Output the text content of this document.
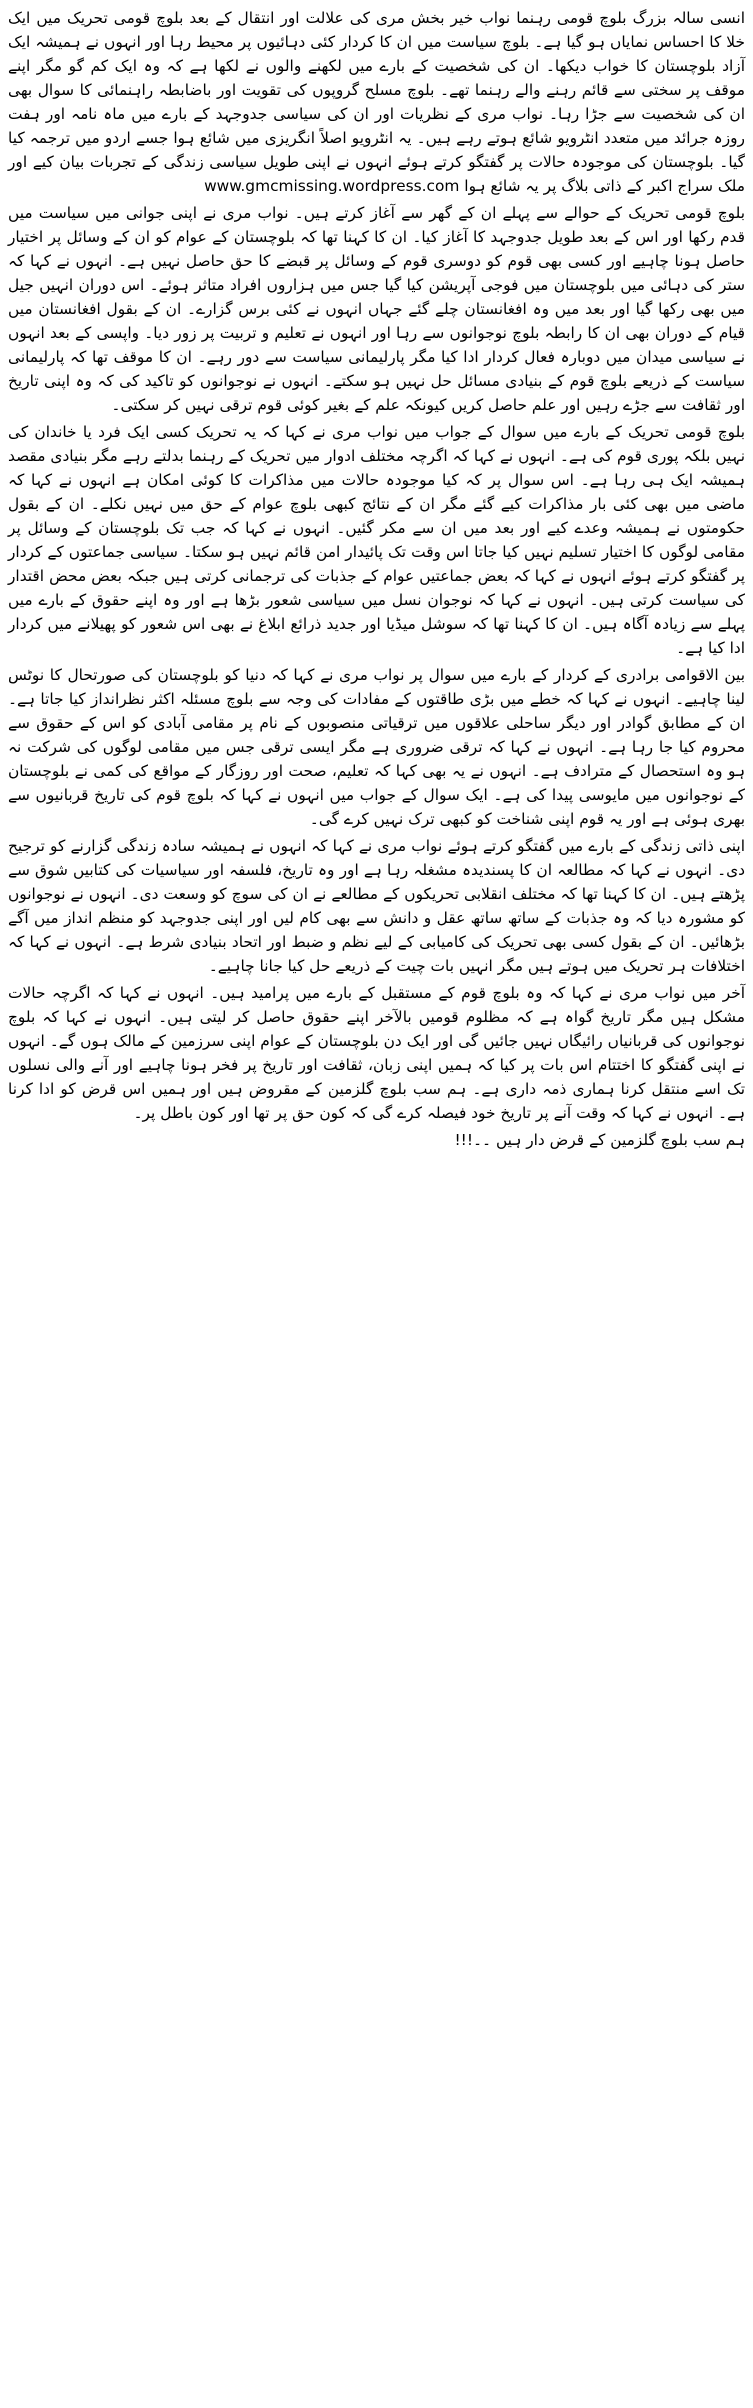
انسی سالہ بزرگ بلوچ قومی رہنما نواب خیر بخش مری کی علالت اور انتقال کے بعد بلوچ قومی تحریک میں ایک خلا کا احساس نمایاں ہو گیا ہے۔ بلوچ سیاست میں ان کا کردار کئی دہائیوں پر محیط رہا اور انہوں نے ہمیشہ ایک آزاد بلوچستان کا خواب دیکھا۔ ان کی شخصیت کے بارے میں لکھنے والوں نے لکھا ہے کہ وہ ایک کم گو مگر اپنے موقف پر سختی سے قائم رہنے والے رہنما تھے۔ بلوچ مسلح گروپوں کی تقویت اور باضابطہ راہنمائی کا سوال بھی ان کی شخصیت سے جڑا رہا۔ نواب مری کے نظریات اور ان کی سیاسی جدوجہد کے بارے میں ماہ نامہ اور ہفت روزہ جرائد میں متعدد انٹرویو شائع ہوتے رہے ہیں۔ یہ انٹرویو اصلاً انگریزی میں شائع ہوا جسے اردو میں ترجمہ کیا گیا۔ بلوچستان کی موجودہ حالات پر گفتگو کرتے ہوئے انہوں نے اپنی طویل سیاسی زندگی کے تجربات بیان کیے اور ملک سراج اکبر کے ذاتی بلاگ پر یہ شائع ہوا www.gmcmissing.wordpress.com

بلوچ قومی تحریک کے حوالے سے پہلے ان کے گھر سے آغاز کرتے ہیں۔ نواب مری نے اپنی جوانی میں سیاست میں قدم رکھا اور اس کے بعد طویل جدوجہد کا آغاز کیا۔ ان کا کہنا تھا کہ بلوچستان کے عوام کو ان کے وسائل پر اختیار حاصل ہونا چاہیے اور کسی بھی قوم کو دوسری قوم کے وسائل پر قبضے کا حق حاصل نہیں ہے۔ انہوں نے کہا کہ ستر کی دہائی میں بلوچستان میں فوجی آپریشن کیا گیا جس میں ہزاروں افراد متاثر ہوئے۔ اس دوران انہیں جیل میں بھی رکھا گیا اور بعد میں وہ افغانستان چلے گئے جہاں انہوں نے کئی برس گزارے۔ ان کے بقول افغانستان میں قیام کے دوران بھی ان کا رابطہ بلوچ نوجوانوں سے رہا اور انہوں نے تعلیم و تربیت پر زور دیا۔ واپسی کے بعد انہوں نے سیاسی میدان میں دوبارہ فعال کردار ادا کیا مگر پارلیمانی سیاست سے دور رہے۔ ان کا موقف تھا کہ پارلیمانی سیاست کے ذریعے بلوچ قوم کے بنیادی مسائل حل نہیں ہو سکتے۔ انہوں نے نوجوانوں کو تاکید کی کہ وہ اپنی تاریخ اور ثقافت سے جڑے رہیں اور علم حاصل کریں کیونکہ علم کے بغیر کوئی قوم ترقی نہیں کر سکتی۔

بلوچ قومی تحریک کے بارے میں سوال کے جواب میں نواب مری نے کہا کہ یہ تحریک کسی ایک فرد یا خاندان کی نہیں بلکہ پوری قوم کی ہے۔ انہوں نے کہا کہ اگرچہ مختلف ادوار میں تحریک کے رہنما بدلتے رہے مگر بنیادی مقصد ہمیشہ ایک ہی رہا ہے۔ اس سوال پر کہ کیا موجودہ حالات میں مذاکرات کا کوئی امکان ہے انہوں نے کہا کہ ماضی میں بھی کئی بار مذاکرات کیے گئے مگر ان کے نتائج کبھی بلوچ عوام کے حق میں نہیں نکلے۔ ان کے بقول حکومتوں نے ہمیشہ وعدے کیے اور بعد میں ان سے مکر گئیں۔ انہوں نے کہا کہ جب تک بلوچستان کے وسائل پر مقامی لوگوں کا اختیار تسلیم نہیں کیا جاتا اس وقت تک پائیدار امن قائم نہیں ہو سکتا۔ سیاسی جماعتوں کے کردار پر گفتگو کرتے ہوئے انہوں نے کہا کہ بعض جماعتیں عوام کے جذبات کی ترجمانی کرتی ہیں جبکہ بعض محض اقتدار کی سیاست کرتی ہیں۔ انہوں نے کہا کہ نوجوان نسل میں سیاسی شعور بڑھا ہے اور وہ اپنے حقوق کے بارے میں پہلے سے زیادہ آگاہ ہیں۔ ان کا کہنا تھا کہ سوشل میڈیا اور جدید ذرائع ابلاغ نے بھی اس شعور کو پھیلانے میں کردار ادا کیا ہے۔

بین الاقوامی برادری کے کردار کے بارے میں سوال پر نواب مری نے کہا کہ دنیا کو بلوچستان کی صورتحال کا نوٹس لینا چاہیے۔ انہوں نے کہا کہ خطے میں بڑی طاقتوں کے مفادات کی وجہ سے بلوچ مسئلہ اکثر نظرانداز کیا جاتا ہے۔ ان کے مطابق گوادر اور دیگر ساحلی علاقوں میں ترقیاتی منصوبوں کے نام پر مقامی آبادی کو اس کے حقوق سے محروم کیا جا رہا ہے۔ انہوں نے کہا کہ ترقی ضروری ہے مگر ایسی ترقی جس میں مقامی لوگوں کی شرکت نہ ہو وہ استحصال کے مترادف ہے۔ انہوں نے یہ بھی کہا کہ تعلیم، صحت اور روزگار کے مواقع کی کمی نے بلوچستان کے نوجوانوں میں مایوسی پیدا کی ہے۔ ایک سوال کے جواب میں انہوں نے کہا کہ بلوچ قوم کی تاریخ قربانیوں سے بھری ہوئی ہے اور یہ قوم اپنی شناخت کو کبھی ترک نہیں کرے گی۔

اپنی ذاتی زندگی کے بارے میں گفتگو کرتے ہوئے نواب مری نے کہا کہ انہوں نے ہمیشہ سادہ زندگی گزارنے کو ترجیح دی۔ انہوں نے کہا کہ مطالعہ ان کا پسندیدہ مشغلہ رہا ہے اور وہ تاریخ، فلسفہ اور سیاسیات کی کتابیں شوق سے پڑھتے ہیں۔ ان کا کہنا تھا کہ مختلف انقلابی تحریکوں کے مطالعے نے ان کی سوچ کو وسعت دی۔ انہوں نے نوجوانوں کو مشورہ دیا کہ وہ جذبات کے ساتھ ساتھ عقل و دانش سے بھی کام لیں اور اپنی جدوجہد کو منظم انداز میں آگے بڑھائیں۔ ان کے بقول کسی بھی تحریک کی کامیابی کے لیے نظم و ضبط اور اتحاد بنیادی شرط ہے۔ انہوں نے کہا کہ اختلافات ہر تحریک میں ہوتے ہیں مگر انہیں بات چیت کے ذریعے حل کیا جانا چاہیے۔

آخر میں نواب مری نے کہا کہ وہ بلوچ قوم کے مستقبل کے بارے میں پرامید ہیں۔ انہوں نے کہا کہ اگرچہ حالات مشکل ہیں مگر تاریخ گواہ ہے کہ مظلوم قومیں بالآخر اپنے حقوق حاصل کر لیتی ہیں۔ انہوں نے کہا کہ بلوچ نوجوانوں کی قربانیاں رائیگاں نہیں جائیں گی اور ایک دن بلوچستان کے عوام اپنی سرزمین کے مالک ہوں گے۔ انہوں نے اپنی گفتگو کا اختتام اس بات پر کیا کہ ہمیں اپنی زبان، ثقافت اور تاریخ پر فخر ہونا چاہیے اور آنے والی نسلوں تک اسے منتقل کرنا ہماری ذمہ داری ہے۔ ہم سب بلوچ گلزمین کے مقروض ہیں اور ہمیں اس قرض کو ادا کرنا ہے۔ انہوں نے کہا کہ وقت آنے پر تاریخ خود فیصلہ کرے گی کہ کون حق پر تھا اور کون باطل پر۔

ہم سب بلوچ گلزمین کے قرض دار ہیں ۔۔!!!
